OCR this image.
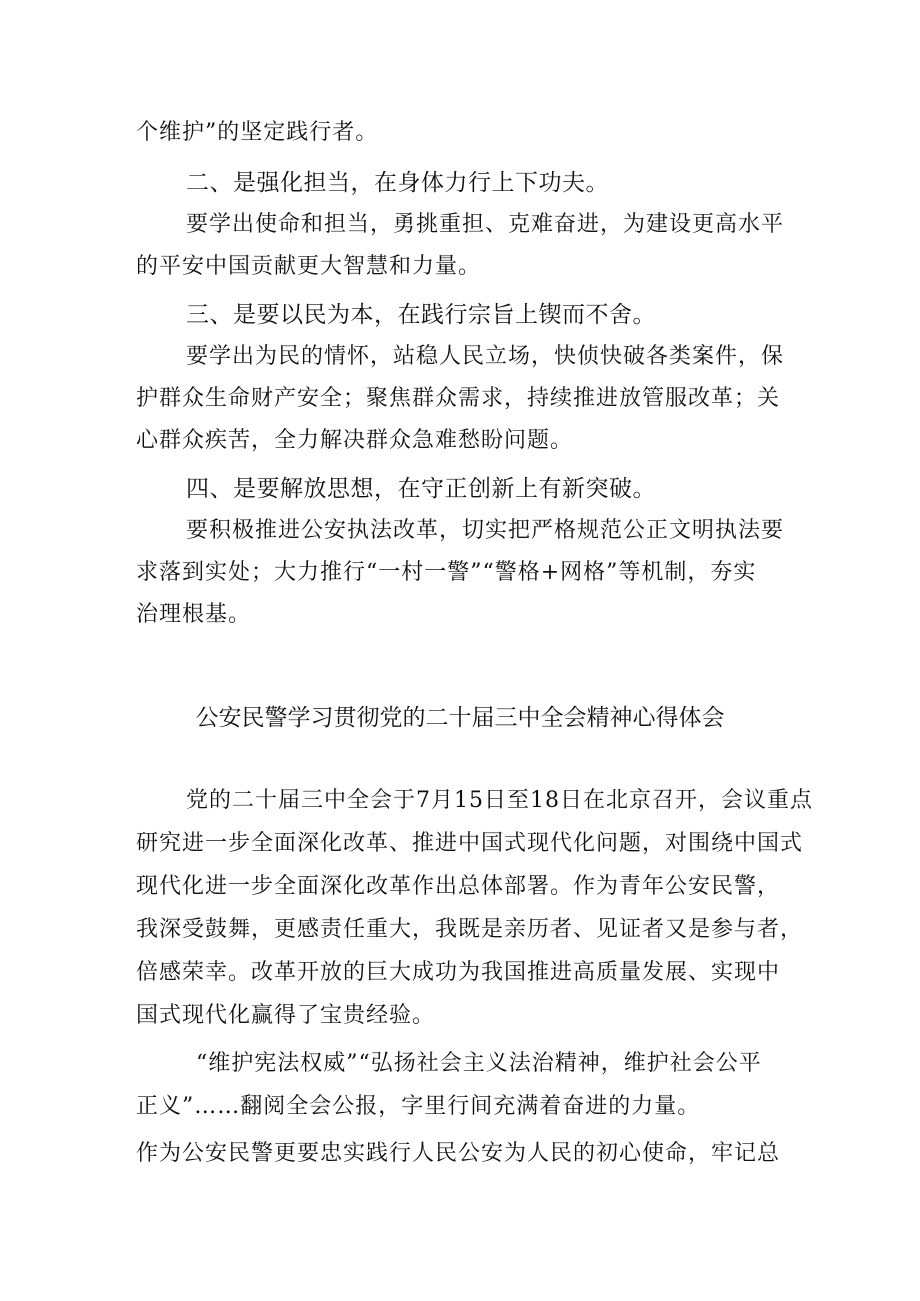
个维护”的坚定践行者。
二、是强化担当，在身体力行上下功夫。
要学出使命和担当，勇挑重担、克难奋进，为建设更高水平
的平安中国贡献更大智慧和力量。
三、是要以民为本，在践行宗旨上锲而不舍。
要学出为民的情怀，站稳人民立场，快侦快破各类案件，保
护群众生命财产安全；聚焦群众需求，持续推进放管服改革；关
心群众疾苦，全力解决群众急难愁盼问题。
四、是要解放思想，在守正创新上有新突破。
要积极推进公安执法改革，切实把严格规范公正文明执法要
求落到实处；大力推行“一村一警”“警格+网格”等机制，夯实
治理根基。
公安民警学习贯彻党的二十届三中全会精神心得体会
党的二十届三中全会于7月15日至18日在北京召开，会议重点
研究进一步全面深化改革、推进中国式现代化问题，对围绕中国式
现代化进一步全面深化改革作出总体部署。作为青年公安民警，
我深受鼓舞，更感责任重大，我既是亲历者、见证者又是参与者，
倍感荣幸。改革开放的巨大成功为我国推进高质量发展、实现中
国式现代化赢得了宝贵经验。
“维护宪法权威”“弘扬社会主义法治精神，维护社会公平
正义”……翻阅全会公报，字里行间充满着奋进的力量。
作为公安民警更要忠实践行人民公安为人民的初心使命，牢记总
